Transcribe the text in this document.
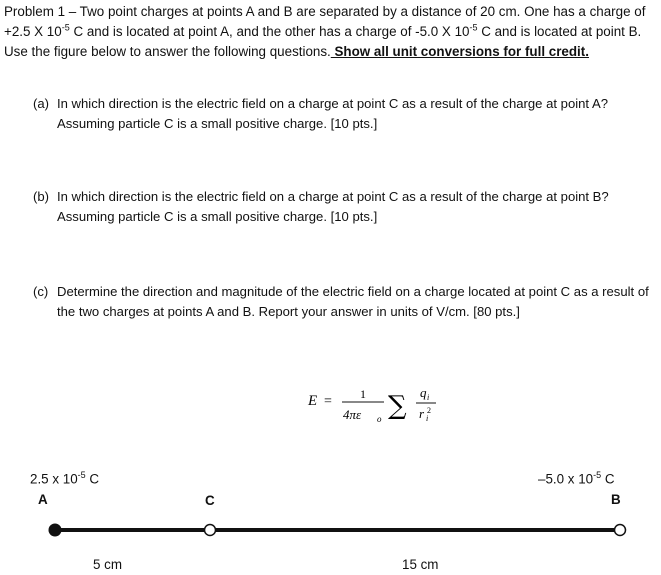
Problem 1 – Two point charges at points A and B are separated by a distance of 20 cm. One has a charge of +2.5 X $10^{-5}$ C and is located at point A, and the other has a charge of -5.0 X $10^{-5}$ C and is located at point B. Use the figure below to answer the following questions. Show all unit conversions for full credit.

(a) In which direction is the electric field on a charge at point C as a result of the charge at point A? Assuming particle C is a small positive charge. [10 pts.]
(b) In which direction is the electric field on a charge at point C as a result of the charge at point B? Assuming particle C is a small positive charge. [10 pts.]
(c) Determine the direction and magnitude of the electric field on a charge located at point C as a result of the two charges at points A and B. Report your answer in units of V/cm. [80 pts.]
E = 1
4πε o ∑ q i
r i
2
2.5 x $10^{-5}$ C
A
–5.0 x $10^{-5}$ C
B
C
5 cm	15 cm
